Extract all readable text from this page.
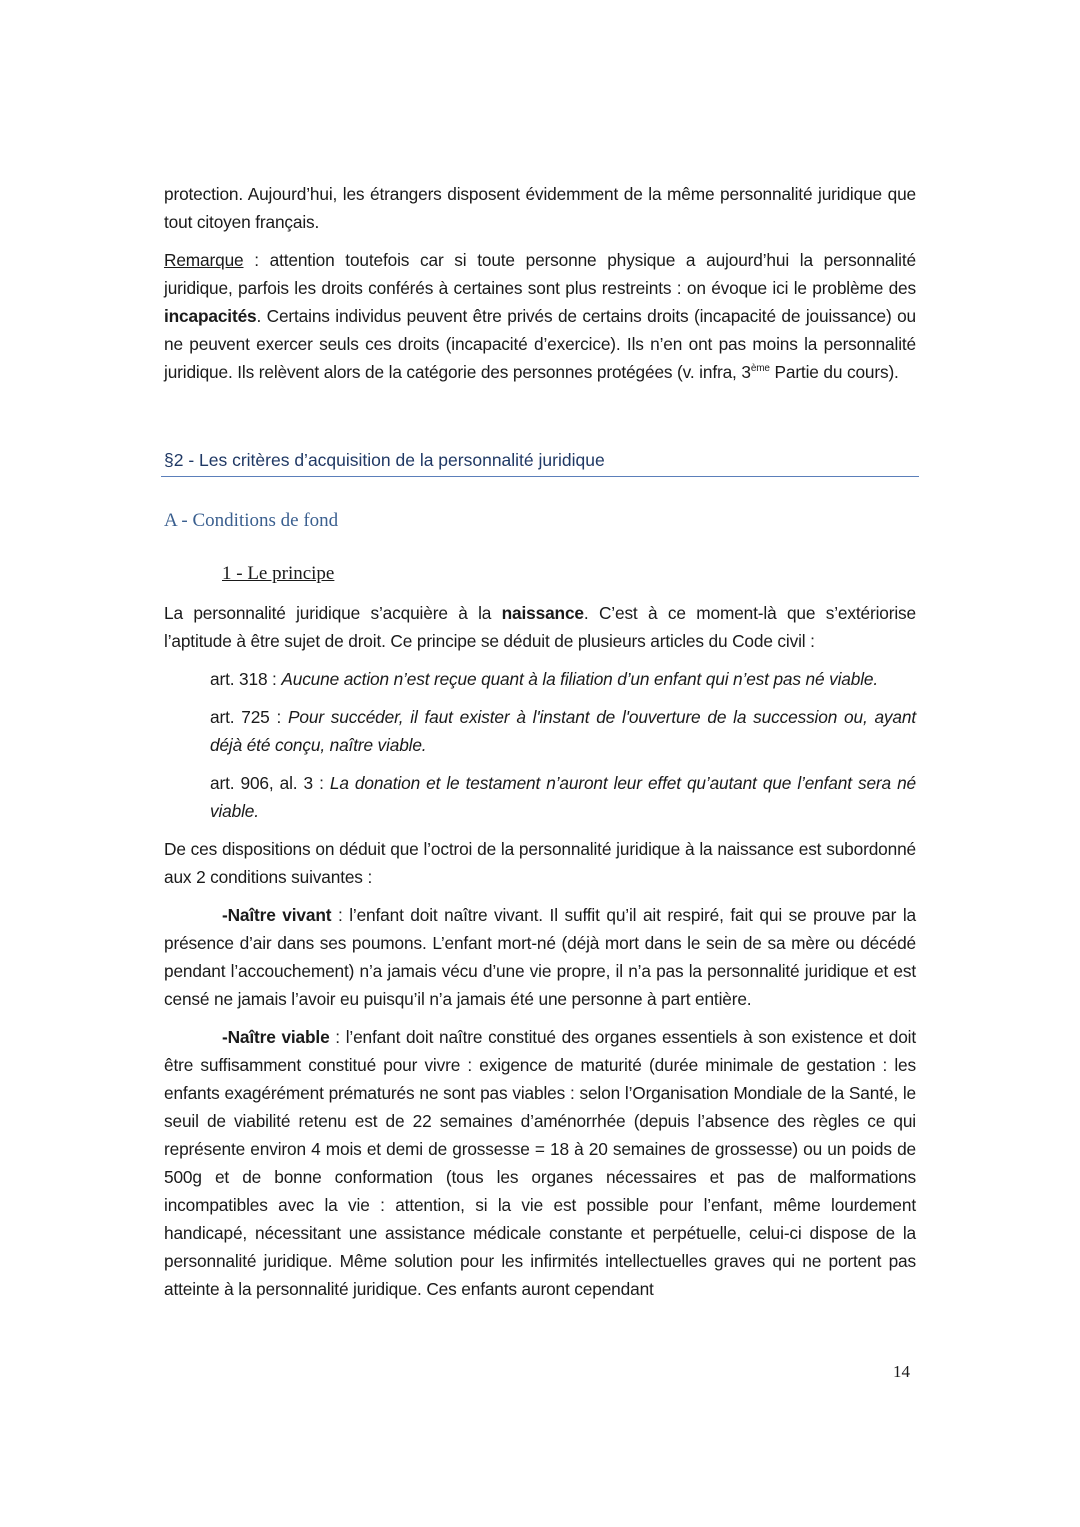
protection. Aujourd’hui, les étrangers disposent évidemment de la même personnalité juridique que tout citoyen français.

Remarque : attention toutefois car si toute personne physique a aujourd’hui la personnalité juridique, parfois les droits conférés à certaines sont plus restreints : on évoque ici le problème des incapacités. Certains individus peuvent être privés de certains droits (incapacité de jouissance) ou ne peuvent exercer seuls ces droits (incapacité d’exercice). Ils n’en ont pas moins la personnalité juridique. Ils relèvent alors de la catégorie des personnes protégées (v. infra, 3ème Partie du cours).

§2 - Les critères d’acquisition de la personnalité juridique
A - Conditions de fond
1 - Le principe

La personnalité juridique s’acquière à la naissance. C’est à ce moment-là que s’extériorise l’aptitude à être sujet de droit. Ce principe se déduit de plusieurs articles du Code civil :

art. 318 : Aucune action n’est reçue quant à la filiation d’un enfant qui n’est pas né viable.

art. 725 : Pour succéder, il faut exister à l'instant de l'ouverture de la succession ou, ayant déjà été conçu, naître viable.

art. 906, al. 3 : La donation et le testament n’auront leur effet qu’autant que l’enfant sera né viable.

De ces dispositions on déduit que l’octroi de la personnalité juridique à la naissance est subordonné aux 2 conditions suivantes :

-Naître vivant : l’enfant doit naître vivant. Il suffit qu’il ait respiré, fait qui se prouve par la présence d’air dans ses poumons. L’enfant mort-né (déjà mort dans le sein de sa mère ou décédé pendant l’accouchement) n’a jamais vécu d’une vie propre, il n’a pas la personnalité juridique et est censé ne jamais l’avoir eu puisqu’il n’a jamais été une personne à part entière.

-Naître viable : l’enfant doit naître constitué des organes essentiels à son existence et doit être suffisamment constitué pour vivre : exigence de maturité (durée minimale de gestation : les enfants exagérément prématurés ne sont pas viables : selon l’Organisation Mondiale de la Santé, le seuil de viabilité retenu est de 22 semaines d’aménorrhée (depuis l’absence des règles ce qui représente environ 4 mois et demi de grossesse = 18 à 20 semaines de grossesse) ou un poids de 500g et de bonne conformation (tous les organes nécessaires et pas de malformations incompatibles avec la vie : attention, si la vie est possible pour l’enfant, même lourdement handicapé, nécessitant une assistance médicale constante et perpétuelle, celui-ci dispose de la personnalité juridique. Même solution pour les infirmités intellectuelles graves qui ne portent pas atteinte à la personnalité juridique. Ces enfants auront cependant

14
